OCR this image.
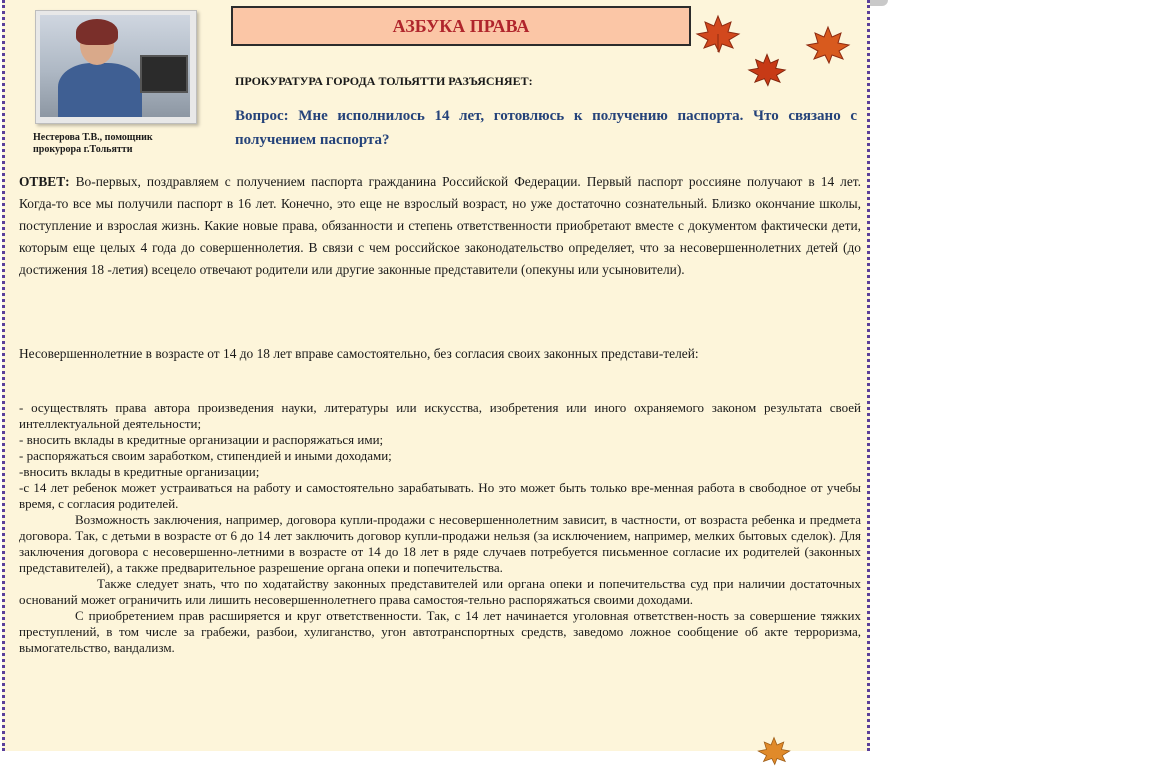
Нестерова Т.В., помощник
прокурора г.Тольятти
АЗБУКА ПРАВА
ПРОКУРАТУРА ГОРОДА ТОЛЬЯТТИ РАЗЪЯСНЯЕТ:
Вопрос: Мне исполнилось 14 лет, готовлюсь к получению паспорта. Что связано с получением паспорта?
ОТВЕТ: Во-первых, поздравляем с получением паспорта гражданина Российской Федерации. Первый паспорт россияне получают в 14 лет. Когда-то все мы получили паспорт в 16 лет. Конечно, это еще не взрослый возраст, но уже достаточно сознательный. Близко окончание школы, поступление и взрослая жизнь. Какие новые права, обязанности и степень ответственности приобретают вместе с документом фактически дети, которым еще целых 4 года до совершеннолетия. В связи с чем российское законодательство определяет, что за несовершеннолетних детей (до достижения 18 -летия) всецело отвечают родители или другие законные представители (опекуны или усыновители).
Несовершеннолетние в возрасте от 14 до 18 лет вправе самостоятельно, без согласия своих законных представи-телей:

- осуществлять права автора произведения науки, литературы или искусства, изобретения или иного охраняемого законом результата своей интеллектуальной деятельности;

- вносить вклады в кредитные организации и распоряжаться ими;

- распоряжаться своим заработком, стипендией и иными доходами;

-вносить вклады в кредитные организации;

-с 14 лет ребенок может устраиваться на работу и самостоятельно зарабатывать. Но это может быть только вре-менная работа в свободное от учебы время, с согласия родителей.

Возможность заключения, например, договора купли-продажи с несовершеннолетним зависит, в частности, от возраста ребенка и предмета договора. Так, с детьми в возрасте от 6 до 14 лет заключить договор купли-продажи нельзя (за исключением, например, мелких бытовых сделок). Для заключения договора с несовершенно-летними в возрасте от 14 до 18 лет в ряде случаев потребуется письменное согласие их родителей (законных представителей), а также предварительное разрешение органа опеки и попечительства.

Также следует знать, что по ходатайству законных представителей или органа опеки и попечительства суд при наличии достаточных оснований может ограничить или лишить несовершеннолетнего права самостоя-тельно распоряжаться своими доходами.

С приобретением прав расширяется и круг ответственности. Так, с 14 лет начинается уголовная ответствен-ность за совершение тяжких преступлений, в том числе за грабежи, разбои, хулиганство, угон автотранспортных средств, заведомо ложное сообщение об акте терроризма, вымогательство, вандализм.
